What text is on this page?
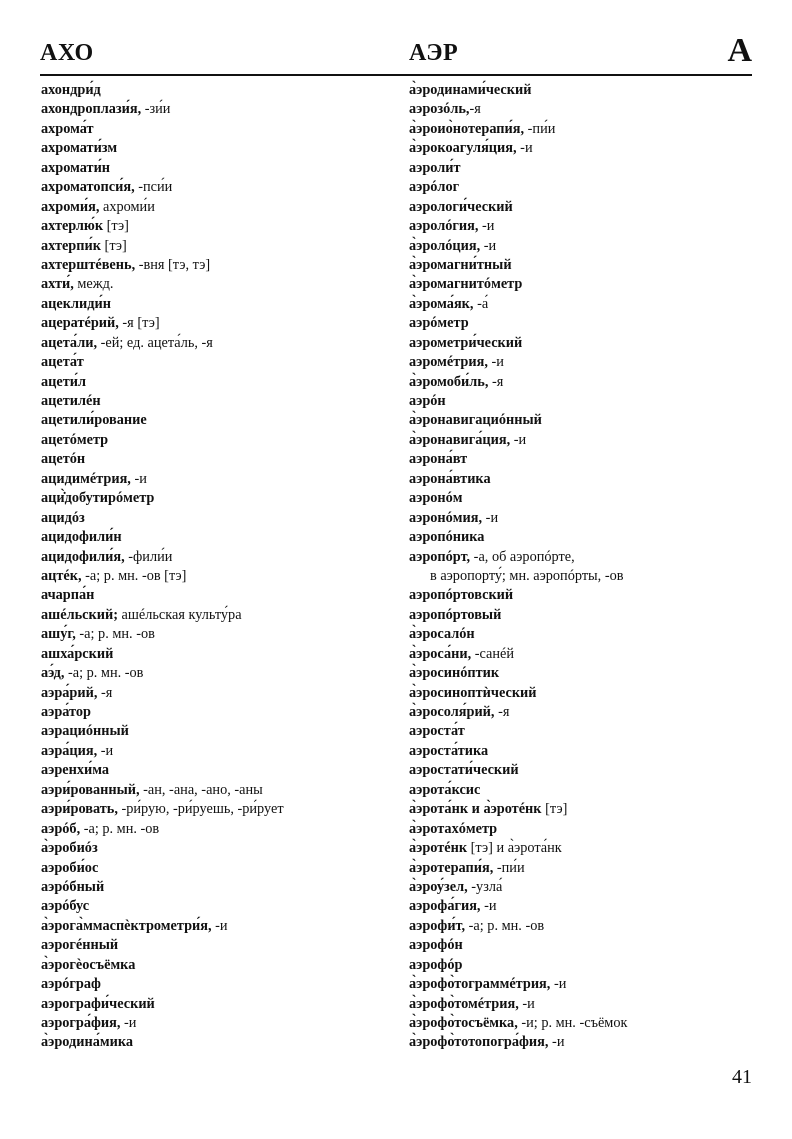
АХО	АЭР	А
ахондри́д
ахондроплази́я, -зи́и
ахрома́т
ахромати́зм
ахромати́н
ахроматопси́я, -пси́и
ахроми́я, ахроми́и
ахтерлю́к [тэ]
ахтерпи́к [тэ]
ахтерштéвень, -вня [тэ, тэ]
ахти́, межд.
ацеклиди́н
ацератéрий, -я [тэ]
ацета́ли, -ей; ед. ацета́ль, -я
ацета́т
ацети́л
ацетилéн
ацетили́рование
ацетóметр
ацетóн
ацидимéтрия, -и
аци̇̀добутирóметр
ацидóз
ацидофили́н
ацидофили́я, -фили́и
ацтéк, -а; р. мн. -ов [тэ]
ачарпа́н
ашéльский; ашéльская культу́ра
ашу́г, -а; р. мн. -ов
ашха́рский
аэ́д, -а; р. мн. -ов
аэра́рий, -я
аэра́тор
аэрациóнный
аэра́ция, -и
аэренхи́ма
аэри́рованный, -ан, -ана, -ано, -аны
аэри́ровать, -ри́рую, -ри́руешь, -ри́рует
аэрóб, -а; р. мн. -ов
а̀эробиóз
аэроби́ос
аэрóбный
аэрóбус
а̀эрога̀ммаспѐктрометри́я, -и
аэрогéнный
а̀эрогѐосъёмка
аэрóграф
аэрографи́ческий
аэрогра́фия, -и
а̀эродина́мика
а̀эродинами́ческий
аэрозóль,-я
а̀эроио̀нотерапи́я, -пи́и
а̀эрокоагуля́ция, -и
аэроли́т
аэрóлог
аэрологи́ческий
аэролóгия, -и
а̀эролóция, -и
а̀эромагни́тный
а̀эромагнитóметр
а̀эрома́як, -а́
аэрóметр
аэрометри́ческий
аэромéтрия, -и
а̀эромоби́ль, -я
аэрóн
а̀эронавигациóнный
а̀эронавига́ция, -и
аэрона́вт
аэрона́втика
аэронóм
аэронóмия, -и
аэропóника
аэропóрт, -а, об аэропóрте,
в аэропорту́; мн. аэропóрты, -ов
аэропóртовский
аэропóртовый
а̀эросалóн
а̀эроса́ни, -санéй
а̀эросинóптик
а̀эросиноптѝческий
а̀эросоля́рий, -я
аэроста́т
аэроста́тика
аэростати́ческий
аэрота́ксис
а̀эрота́нк и а̀эротéнк [тэ]
а̀эротахóметр
а̀эротéнк [тэ] и а̀эрота́нк
а̀эротерапи́я, -пи́и
а̀эроу́зел, -узла́
аэрофа́гия, -и
аэрофи́т, -а; р. мн. -ов
аэрофóн
аэрофóр
а̀эрофо̀тограммéтрия, -и
а̀эрофо̀томéтрия, -и
а̀эрофо̀тосъёмка, -и; р. мн. -съёмок
а̀эрофо̀тотопогра́фия, -и
41
